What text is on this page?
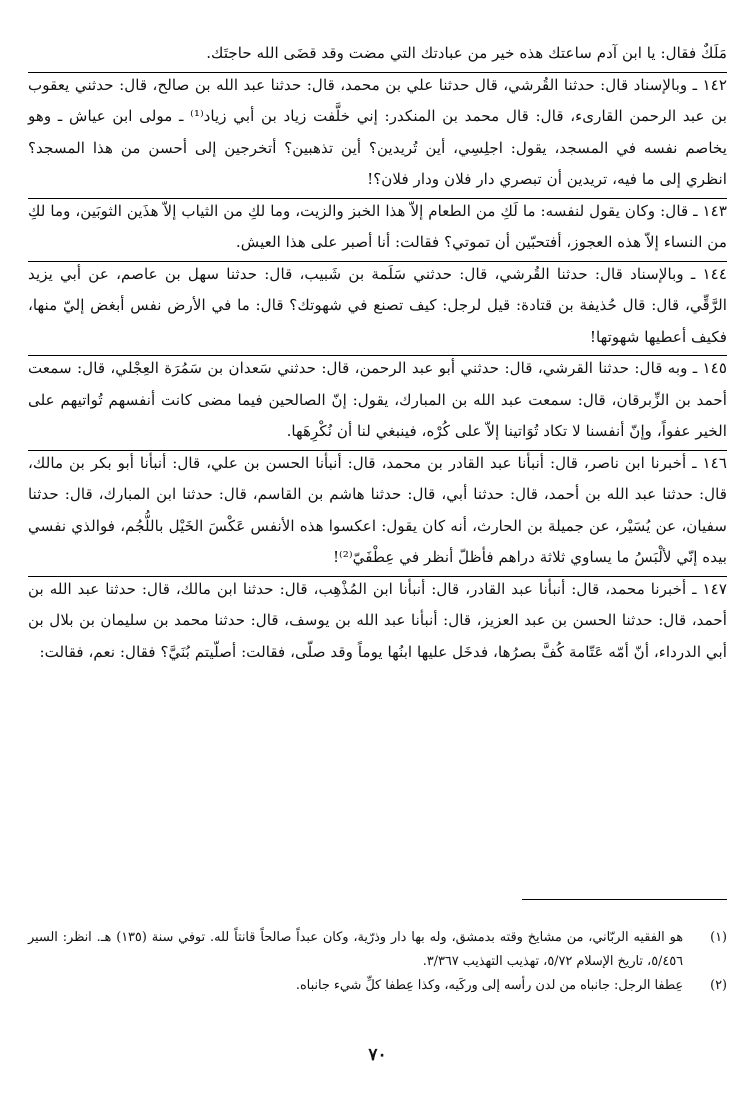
مَلَكٌ فقال: يا ابن آدم ساعتك هذه خير من عبادتك التي مضت وقد قضَى الله حاجتَك.

١٤٢ ـ وبالإسناد قال: حدثنا القُرشي، قال حدثنا علي بن محمد، قال: حدثنا عبد الله بن صالح، قال: حدثني يعقوب بن عبد الرحمن القارىء، قال: قال محمد بن المنكدر: إني خلَّفت زياد بن أبي زياد⁽¹⁾ ـ مولى ابن عياش ـ وهو يخاصم نفسه في المسجد، يقول: اجلِسِي، أين تُريدين؟ أين تذهبين؟ أتخرجين إلى أحسن من هذا المسجد؟ انظري إلى ما فيه، تريدين أن تبصري دار فلان ودار فلان؟!

١٤٣ ـ قال: وكان يقول لنفسه: ما لَكِ من الطعام إلاّ هذا الخبز والزيت، وما لكِ من الثياب إلاّ هذَين الثوبَين، وما لكِ من النساء إلاّ هذه العجوز، أفتحبّين أن تموتي؟ فقالت: أنا أصبر على هذا العيش.

١٤٤ ـ وبالإسناد قال: حدثنا القُرشي، قال: حدثني سَلَمة بن شَبيب، قال: حدثنا سهل بن عاصم، عن أبي يزيد الرَّقِّي، قال: قال حُذيفة بن قتادة: قيل لرجل: كيف تصنع في شهوتك؟ قال: ما في الأرض نفس أبغض إليّ منها، فكيف أعطيها شهوتها!

١٤٥ ـ وبه قال: حدثنا القرشي، قال: حدثني أبو عبد الرحمن، قال: حدثني سَعدان بن سَمُرَة العِجْلي، قال: سمعت أحمد بن الزِّبرقان، قال: سمعت عبد الله بن المبارك، يقول: إنّ الصالحين فيما مضى كانت أنفسهم تُواتيهم على الخير عفواً، وإنّ أنفسنا لا تكاد تُوَاتينا إلاّ على كُرْه، فينبغي لنا أن نُكْرِهَها.

١٤٦ ـ أخبرنا ابن ناصر، قال: أنبأنا عبد القادر بن محمد، قال: أنبأنا الحسن بن علي، قال: أنبأنا أبو بكر بن مالك، قال: حدثنا عبد الله بن أحمد، قال: حدثنا أبي، قال: حدثنا هاشم بن القاسم، قال: حدثنا ابن المبارك، قال: حدثنا سفيان، عن يُسَيْر، عن جميلة بن الحارث، أنه كان يقول: اعكسوا هذه الأنفس عَكْسَ الخَيْل باللُّجُم، فوالذي نفسي بيده إنّي لألْبَسُ ما يساوي ثلاثة دراهم فأظلّ أنظر في عِطْفَيّ⁽²⁾!

١٤٧ ـ أخبرنا محمد، قال: أنبأنا عبد القادر، قال: أنبأنا ابن المُذْهِب، قال: حدثنا ابن مالك، قال: حدثنا عبد الله بن أحمد، قال: حدثنا الحسن بن عبد العزيز، قال: أنبأنا عبد الله بن يوسف، قال: حدثنا محمد بن سليمان بن بلال بن أبي الدرداء، أنّ أمّه عَتّامة كُفَّ بصرُها، فدخَل عليها ابنُها يوماً وقد صلّى، فقالت: أصلّيتم بُنَيَّ؟ فقال: نعم، فقالت:

(١)
هو الفقيه الربّاني، من مشايخ وقته بدمشق، وله بها دار وذرّية، وكان عبداً صالحاً قانتاً لله. توفي سنة (١٣٥) هـ. انظر: السير ٥/٤٥٦، تاريخ الإسلام ٥/٧٢، تهذيب التهذيب ٣/٣٦٧.
(٢)
عِطفا الرجل: جانباه من لدن رأسه إلى وركَيه، وكذا عِطفا كلِّ شيء جانباه.
٧٠
